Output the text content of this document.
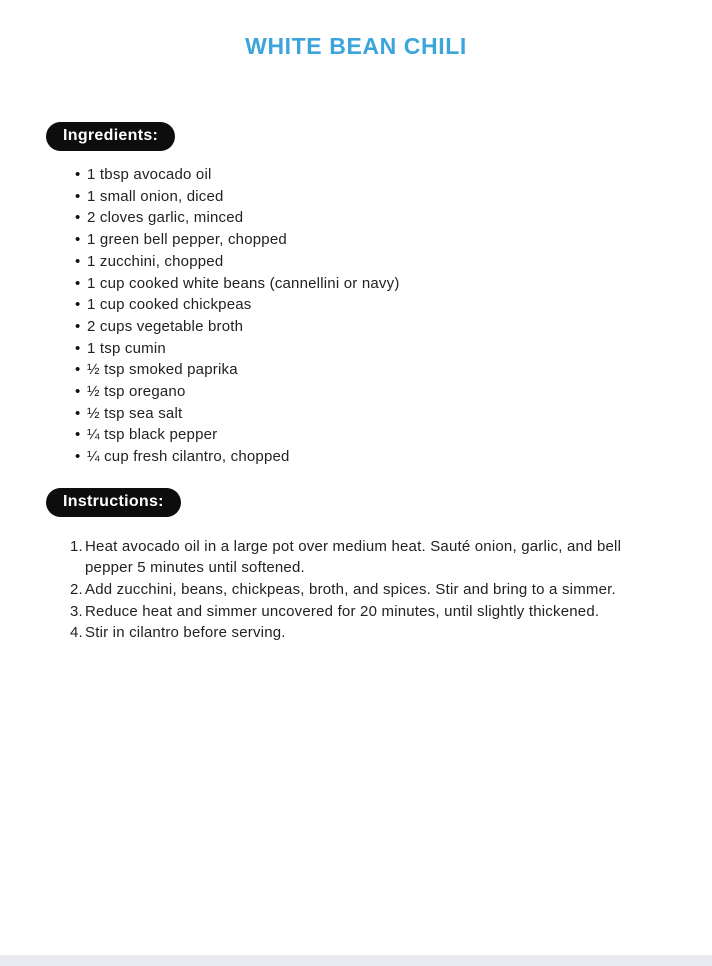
WHITE BEAN CHILI
Ingredients:
• 1 tbsp avocado oil
• 1 small onion, diced
• 2 cloves garlic, minced
• 1 green bell pepper, chopped
• 1 zucchini, chopped
• 1 cup cooked white beans (cannellini or navy)
• 1 cup cooked chickpeas
• 2 cups vegetable broth
• 1 tsp cumin
• ½ tsp smoked paprika
• ½ tsp oregano
• ½ tsp sea salt
• ¼ tsp black pepper
• ¼ cup fresh cilantro, chopped
Instructions:
1. Heat avocado oil in a large pot over medium heat. Sauté onion, garlic, and bell pepper 5 minutes until softened.
2. Add zucchini, beans, chickpeas, broth, and spices. Stir and bring to a simmer.
3. Reduce heat and simmer uncovered for 20 minutes, until slightly thickened.
4. Stir in cilantro before serving.
